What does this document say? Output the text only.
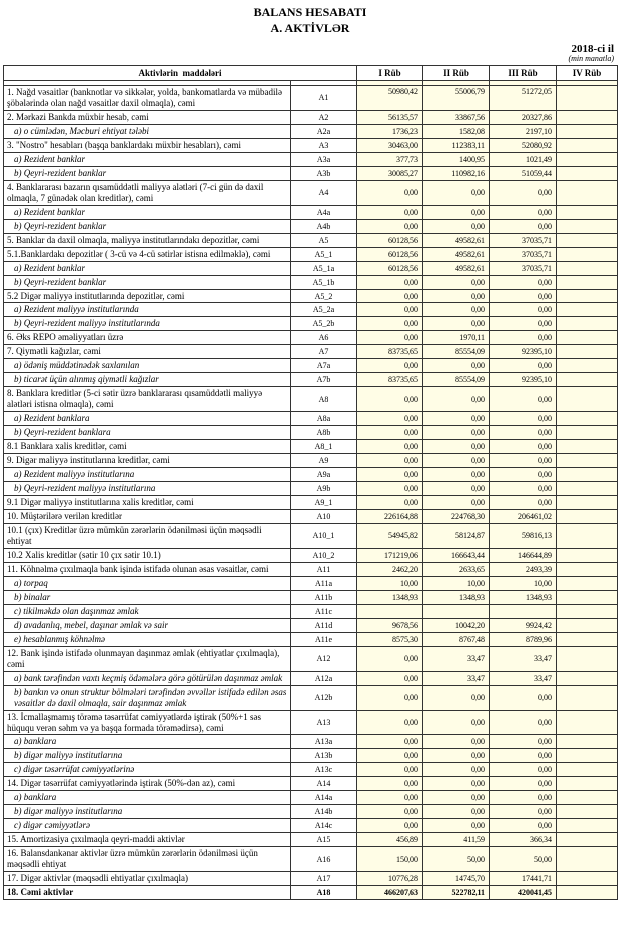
BALANS HESABATI
A. AKTİVLƏR
2018-ci il
(min manatla)
Aktivlərin  maddələri		I Rüb	II Rüb	III Rüb	IV Rüb

1. Nağd vəsaitlər (banknotlar və sikkələr, yolda, bankomatlarda və mübadilə şöbələrində olan nağd vəsaitlər daxil olmaqla), cəmi	A1	50980,42	55006,79	51272,05	
2. Mərkəzi Bankda müxbir hesab, cəmi	A2	56135,57	33867,56	20327,86	
a) o cümlədən, Məcburi ehtiyat tələbi	A2a	1736,23	1582,08	2197,10	
3. "Nostro" hesabları (başqa banklardakı müxbir hesabları), cəmi	A3	30463,00	112383,11	52080,92	
a) Rezident banklar	A3a	377,73	1400,95	1021,49	
b) Qeyri-rezident banklar	A3b	30085,27	110982,16	51059,44	
4. Banklararası bazarın qısamüddətli maliyyə alətləri (7-ci gün də daxil olmaqla, 7 günədək olan kreditlər), cəmi	A4	0,00	0,00	0,00	
a) Rezident banklar	A4a	0,00	0,00	0,00	
b) Qeyri-rezident banklar	A4b	0,00	0,00	0,00	
5. Banklar da daxil olmaqla, maliyyə institutlarındakı depozitlər, cəmi	A5	60128,56	49582,61	37035,71	
5.1.Banklardakı depozitlər ( 3-cü və 4-cü sətirlər istisna edilməklə), cəmi	A5_1	60128,56	49582,61	37035,71	
a) Rezident banklar	A5_1a	60128,56	49582,61	37035,71	
b) Qeyri-rezident banklar	A5_1b	0,00	0,00	0,00	
5.2 Digər maliyyə institutlarında depozitlər, cəmi	A5_2	0,00	0,00	0,00	
a) Rezident maliyyə institutlarında	A5_2a	0,00	0,00	0,00	
b) Qeyri-rezident maliyyə institutlarında	A5_2b	0,00	0,00	0,00	
6. Əks REPO əməliyyatları üzrə	A6	0,00	1970,11	0,00	
7. Qiymətli kağızlar, cəmi	A7	83735,65	85554,09	92395,10	
a) ödəniş müddətinədək saxlanılan	A7a	0,00	0,00	0,00	
b) ticarət üçün alınmış qiymətli kağızlar	A7b	83735,65	85554,09	92395,10	
8. Banklara kreditlər (5-ci sətir üzrə banklararası qısamüddətli maliyyə alətləri istisna olmaqla), cəmi	A8	0,00	0,00	0,00	
a) Rezident banklara	A8a	0,00	0,00	0,00	
b) Qeyri-rezident banklara	A8b	0,00	0,00	0,00	
8.1 Banklara xalis kreditlər, cəmi	A8_1	0,00	0,00	0,00	
9. Digər maliyyə institutlarına kreditlər, cəmi	A9	0,00	0,00	0,00	
a) Rezident maliyyə institutlarına	A9a	0,00	0,00	0,00	
b) Qeyri-rezident maliyyə institutlarına	A9b	0,00	0,00	0,00	
9.1 Digər maliyyə institutlarına xalis kreditlər, cəmi	A9_1	0,00	0,00	0,00	
10. Müştərilərə verilən kreditlər	A10	226164,88	224768,30	206461,02	
10.1 (çıx) Kreditlər üzrə mümkün zərərlərin ödənilməsi üçün məqsədli ehtiyat	A10_1	54945,82	58124,87	59816,13	
10.2 Xalis kreditlər (sətir 10 çıx sətir 10.1)	A10_2	171219,06	166643,44	146644,89	
11. Köhnəlmə çıxılmaqla bank işində istifadə olunan əsas vəsaitlər, cəmi	A11	2462,20	2633,65	2493,39	
a) torpaq	A11a	10,00	10,00	10,00	
b) binalar	A11b	1348,93	1348,93	1348,93	
c) tikilməkdə olan daşınmaz əmlak	A11c				
d) avadanlıq, mebel, daşınar əmlak və sair	A11d	9678,56	10042,20	9924,42	
e) hesablanmış köhnəlmə	A11e	8575,30	8767,48	8789,96	
12. Bank işində istifadə olunmayan daşınmaz əmlak (ehtiyatlar çıxılmaqla), cəmi	A12	0,00	33,47	33,47	
a) bank tərəfindən vaxtı keçmiş ödəmələrə görə götürülən daşınmaz əmlak	A12a	0,00	33,47	33,47	
b) bankın və onun struktur bölmələri tərəfindən əvvəllər istifadə edilən əsas vəsaitlər də daxil olmaqla, sair daşınmaz əmlak	A12b	0,00	0,00	0,00	
13. İcmallaşmamış törəmə təsərrüfat cəmiyyətlərdə iştirak (50%+1 səs hüququ verən səhm və ya başqa formada törəmədirsə), cəmi	A13	0,00	0,00	0,00	
a) banklara	A13a	0,00	0,00	0,00	
b) digər maliyyə institutlarına	A13b	0,00	0,00	0,00	
c) digər təsərrüfat cəmiyyətlərinə	A13c	0,00	0,00	0,00	
14. Digər təsərrüfat cəmiyyətlərində iştirak (50%-dən az), cəmi	A14	0,00	0,00	0,00	
a) banklara	A14a	0,00	0,00	0,00	
b) digər maliyyə institutlarına	A14b	0,00	0,00	0,00	
c) digər cəmiyyətlərə	A14c	0,00	0,00	0,00	
15. Amortizasiya çıxılmaqla qeyri-maddi aktivlər	A15	456,89	411,59	366,34	
16. Balansdankənar aktivlər üzrə mümkün zərərlərin ödənilməsi üçün məqsədli ehtiyat	A16	150,00	50,00	50,00	
17. Digər aktivlər (məqsədli ehtiyatlar çıxılmaqla)	A17	10776,28	14745,70	17441,71	
18. Cəmi aktivlər	A18	466207,63	522782,11	420041,45	
